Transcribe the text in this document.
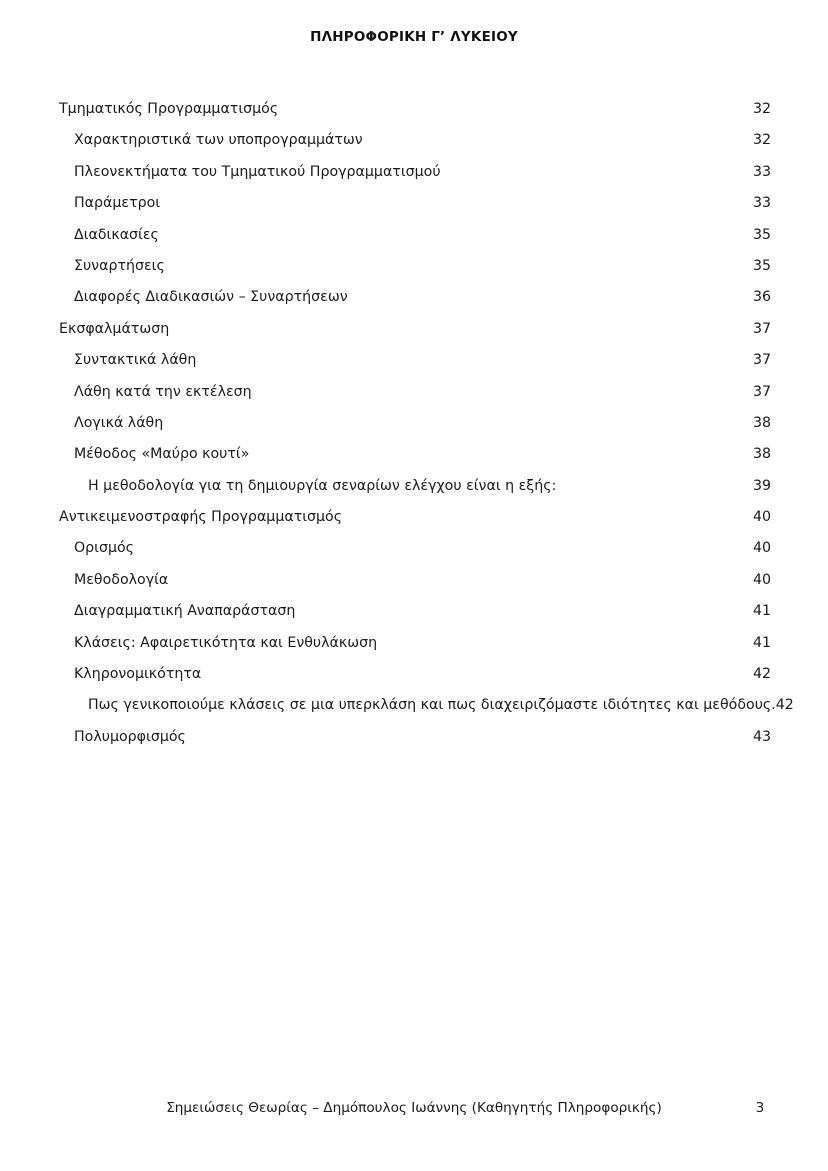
ΠΛΗΡΟΦΟΡΙΚΗ Γ’ ΛΥΚΕΙΟΥ
Τμηματικός Προγραμματισμός .....	32
Χαρακτηριστικά των υποπρογραμμάτων .....	32
Πλεονεκτήματα του Τμηματικού Προγραμματισμού .....	33
Παράμετροι .....	33
Διαδικασίες .....	35
Συναρτήσεις .....	35
Διαφορές Διαδικασιών – Συναρτήσεων .....	36
Εκσφαλμάτωση .....	37
Συντακτικά λάθη .....	37
Λάθη κατά την εκτέλεση .....	37
Λογικά λάθη .....	38
Μέθοδος «Μαύρο κουτί» .....	38
Η μεθοδολογία για τη δημιουργία σεναρίων ελέγχου είναι η εξής: .....	39
Αντικειμενοστραφής Προγραμματισμός .....	40
Ορισμός .....	40
Μεθοδολογία .....	40
Διαγραμματική Αναπαράσταση .....	41
Κλάσεις: Αφαιρετικότητα και Ενθυλάκωση .....	41
Κληρονομικότητα .....	42
Πως γενικοποιούμε κλάσεις σε μια υπερκλάση και πως διαχειριζόμαστε ιδιότητες και μεθόδους. 42
Πολυμορφισμός .....	43
Σημειώσεις Θεωρίας – Δημόπουλος Ιωάννης (Καθηγητής Πληροφορικής)	3
